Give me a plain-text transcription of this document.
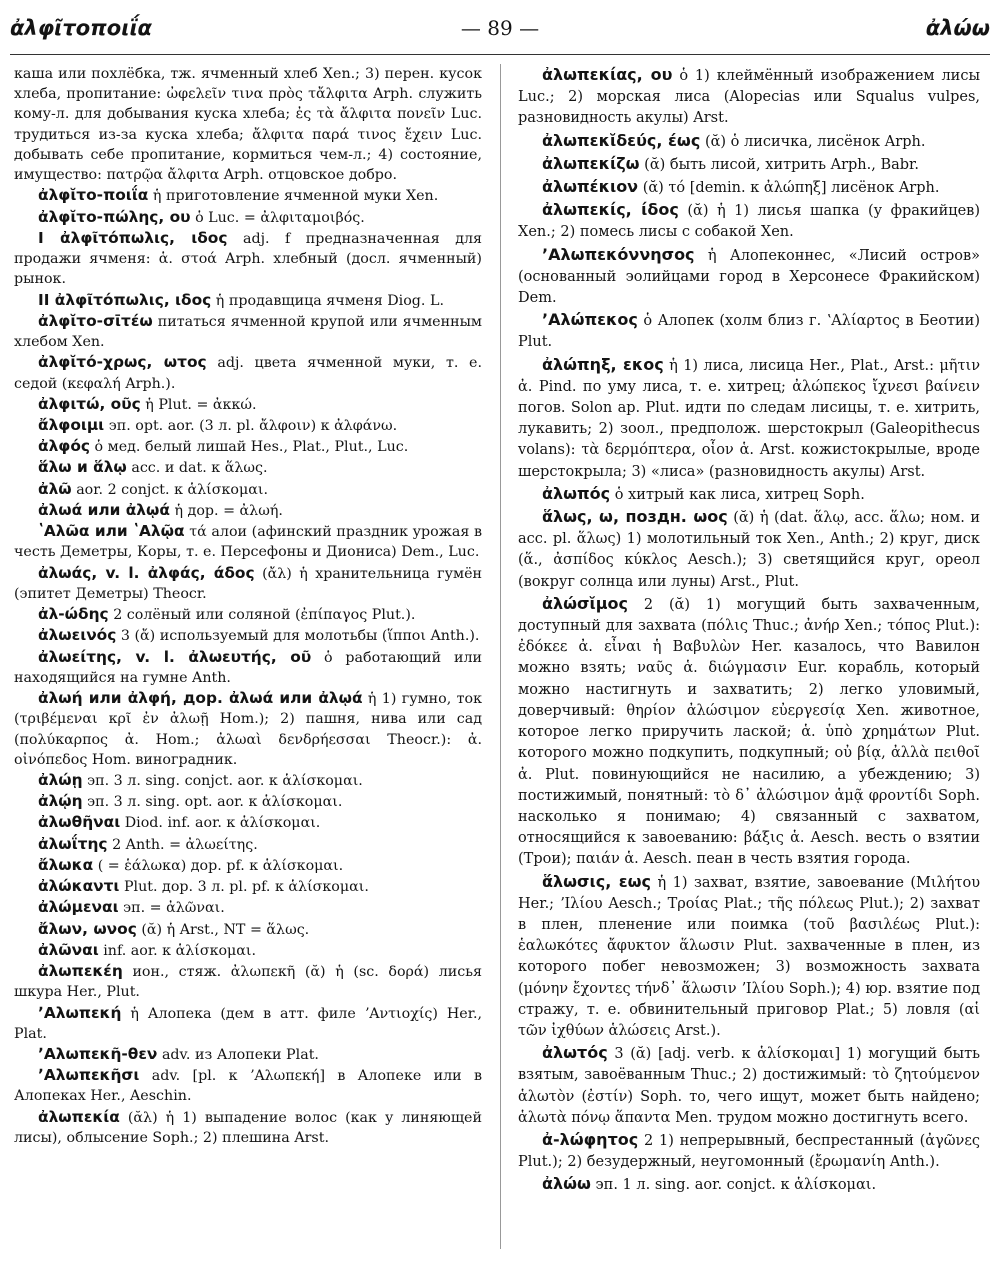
ἀλφῖτοποιΐα	— 89 —	ἀλώω

каша или похлёбка, тж. ячменный хлеб Xen.; 3) перен. кусок хлеба, пропитание: ὠφελεῖν τινα πρὸς τἄλφιτα Arph. служить кому-л. для добывания куска хлеба; ἐς τὰ ἄλφιτα πονεῖν Luc. трудиться из-за куска хлеба; ἄλφιτα παρά τινος ἔχειν Luc. добывать себе пропитание, кормиться чем-л.; 4) состояние, имущество: πατρῷα ἄλφιτα Arph. отцовское добро.

ἀλφῐτο-ποιΐα ἡ приготовление ячменной муки Xen.

ἀλφῐτο-πώλης, ου ὁ Luc. = ἀλφιταμοιβός.

I ἀλφῖτόπωλις, ιδος adj. f предназначенная для продажи ячменя: ἁ. στοά Arph. хлебный (досл. ячменный) рынок.

II ἀλφῖτόπωλις, ιδος ἡ продавщица ячменя Diog. L.

ἀλφῐτο-σῑτέω питаться ячменной крупой или ячменным хлебом Xen.

ἀλφῐτό-χρως, ωτος adj. цвета ячменной муки, т. е. седой (κεφαλή Arph.).

ἀλφιτώ, οῦς ἡ Plut. = ἀκκώ.

ἄλφοιμι эп. opt. aor. (3 л. pl. ἄλφοιν) к ἀλφάνω.

ἀλφός ὁ мед. белый лишай Hes., Plat., Plut., Luc.

ἅλω и ἅλῳ acc. и dat. к ἅλως.

ἀλῶ aor. 2 conjct. к ἁλίσκομαι.

ἀλωά или ἀλῳά ἡ дор. = ἀλωή.

ʽΑλῶα или ʽΑλῷα τά алои (афинский праздник урожая в честь Деметры, Коры, т. е. Персефоны и Диониса) Dem., Luc.

ἀλωάς, v. l. ἀλφάς, άδος (ἄλ) ἡ хранительница гумён (эпитет Деметры) Theocr.

ἀλ-ώδης 2 солёный или соляной (ἐπίπαγος Plut.).

ἀλωεινός 3 (ἄ) используемый для молотьбы (ἵπποι Anth.).

ἀλωείτης, v. l. ἀλωευτής, οῦ ὁ работающий или находящийся на гумне Anth.

ἀλωή или ἀλφή, дор. ἀλωά или ἀλῳά ἡ 1) гумно, ток (τριβέμεναι κρῖ ἐν ἀλωῇ Hom.); 2) пашня, нива или сад (πολύκαρπος ἀ. Hom.; ἀλωαὶ δενδρήεσσαι Theocr.): ἀ. οἰνόπεδος Hom. виноградник.

ἀλώῃ эп. 3 л. sing. conjct. aor. к ἁλίσκομαι.

ἀλῴη эп. 3 л. sing. opt. aor. к ἁλίσκομαι.

ἀλωθῆναι Diod. inf. aor. к ἁλίσκομαι.

ἀλωΐτης 2 Anth. = ἀλωείτης.

ἄλωκα ( = ἑάλωκα) дор. pf. к ἁλίσκομαι.

ἀλώκαντι Plut. дор. 3 л. pl. pf. к ἁλίσκομαι.

ἀλώμεναι эп. = ἀλῶναι.

ἄλων, ωνος (ᾰ) ἡ Arst., NT = ἅλως.

ἀλῶναι inf. aor. к ἁλίσκομαι.

ἀλωπεκέη ион., стяж. ἀλωπεκῆ (ᾰ) ἡ (sc. δορά) лисья шкура Her., Plut.

ʼΑλωπεκή ἡ Алопека (дем в атт. филе ʼΑντιοχίς) Her., Plat.

ʼΑλωπεκῆ-θεν adv. из Алопеки Plat.

ʼΑλωπεκῆσι adv. [pl. к ʼΑλωπεκή] в Алопеке или в Алопеках Her., Aeschin.

ἀλωπεκία (ᾰλ) ἡ 1) выпадение волос (как у линяющей лисы), облысение Soph.; 2) плешина Arst.

ἀλωπεκίας, ου ὁ 1) клеймённый изображением лисы Luc.; 2) морская лиса (Alopecias или Squalus vulpes, разновидность акулы) Arst.

ἀλωπεκῐδεύς, έως (ᾰ) ὁ лисичка, лисёнок Arph.

ἀλωπεκίζω (ᾰ) быть лисой, хитрить Arph., Babr.

ἀλωπέκιον (ᾰ) τό [demin. к ἀλώπηξ] лисёнок Arph.

ἀλωπεκίς, ίδος (ᾰ) ἡ 1) лисья шапка (у фракийцев) Xen.; 2) помесь лисы с собакой Xen.

ʼΑλωπεκόννησος ἡ Алопеконнес, «Лисий остров» (основанный эолийцами город в Херсонесе Фракийском) Dem.

ʼΑλώπεκος ὁ Алопек (холм близ г. ʽΑλίαρτος в Беотии) Plut.

ἀλώπηξ, εκος ἡ 1) лиса, лисица Her., Plat., Arst.: μῆτιν ἀ. Pind. по уму лиса, т. е. хитрец; ἀλώπεκος ἴχνεσι βαίνειν погов. Solon ap. Plut. идти по следам лисицы, т. е. хитрить, лукавить; 2) зоол., предполож. шерстокрыл (Galeopithecus volans): τὰ δερμόπτερα, οἷον ἁ. Arst. кожистокрылые, вроде шерстокрыла; 3) «лиса» (разновидность акулы) Arst.

ἀλωπός ὁ хитрый как лиса, хитрец Soph.

ἅλως, ω, поздн. ωος (ᾰ) ἡ (dat. ἅλῳ, acc. ἅλω; ном. и acc. pl. ἅλως) 1) молотильный ток Xen., Anth.; 2) круг, диск (ἅ., ἀσπίδος κύκλος Aesch.); 3) светящийся круг, ореол (вокруг солнца или луны) Arst., Plut.

ἀλώσῐμος 2 (ᾰ) 1) могущий быть захваченным, доступный для захвата (πόλις Thuc.; ἀνήρ Xen.; τόπος Plut.): ἐδόκεε ἀ. εἶναι ἡ Βαβυλὼν Her. казалось, что Вавилон можно взять; ναῦς ἁ. διώγμασιν Eur. корабль, который можно настигнуть и захватить; 2) легко уловимый, доверчивый: θηρίον ἀλώσιμον εὐεργεσίᾳ Xen. животное, которое легко приручить лаской; ἁ. ὑπὸ χρημάτων Plut. которого можно подкупить, подкупный; οὐ βίᾳ, ἀλλὰ πειθοῖ ἀ. Plut. повинующийся не насилию, а убеждению; 3) постижимый, понятный: τὸ δ᾽ ἀλώσιμον ἁμᾷ φροντίδι Soph. насколько я понимаю; 4) связанный с захватом, относящийся к завоеванию: βάξις ἁ. Aesch. весть о взятии (Трои); παιάν ἁ. Aesch. пеан в честь взятия города.

ἅλωσις, εως ἡ 1) захват, взятие, завоевание (Μιλήτου Her.; ʼΙλίου Aesch.; Τροίας Plat.; τῆς πόλεως Plut.); 2) захват в плен, пленение или поимка (τοῦ βασιλέως Plut.): ἑαλωκότες ἄφυκτον ἅλωσιν Plut. захваченные в плен, из которого побег невозможен; 3) возможность захвата (μόνην ἔχοντες τήνδ᾽ ἅλωσιν ʼΙλίου Soph.); 4) юр. взятие под стражу, т. е. обвинительный приговор Plat.; 5) ловля (αἱ τῶν ἰχθύων ἁλώσεις Arst.).

ἀλωτός 3 (ᾰ) [adj. verb. к ἁλίσκομαι] 1) могущий быть взятым, завоёванным Thuc.; 2) достижимый: τὸ ζητούμενον ἁλωτὸν (ἐστίν) Soph. то, чего ищут, может быть найдено; ἁλωτὰ πόνῳ ἅπαντα Men. трудом можно достигнуть всего.

ἀ-λώφητος 2 1) непрерывный, беспрестанный (ἀγῶνες Plut.); 2) безудержный, неугомонный (ἔρωμανίη Anth.).

ἀλώω эп. 1 л. sing. aor. conjct. к ἁλίσκομαι.
